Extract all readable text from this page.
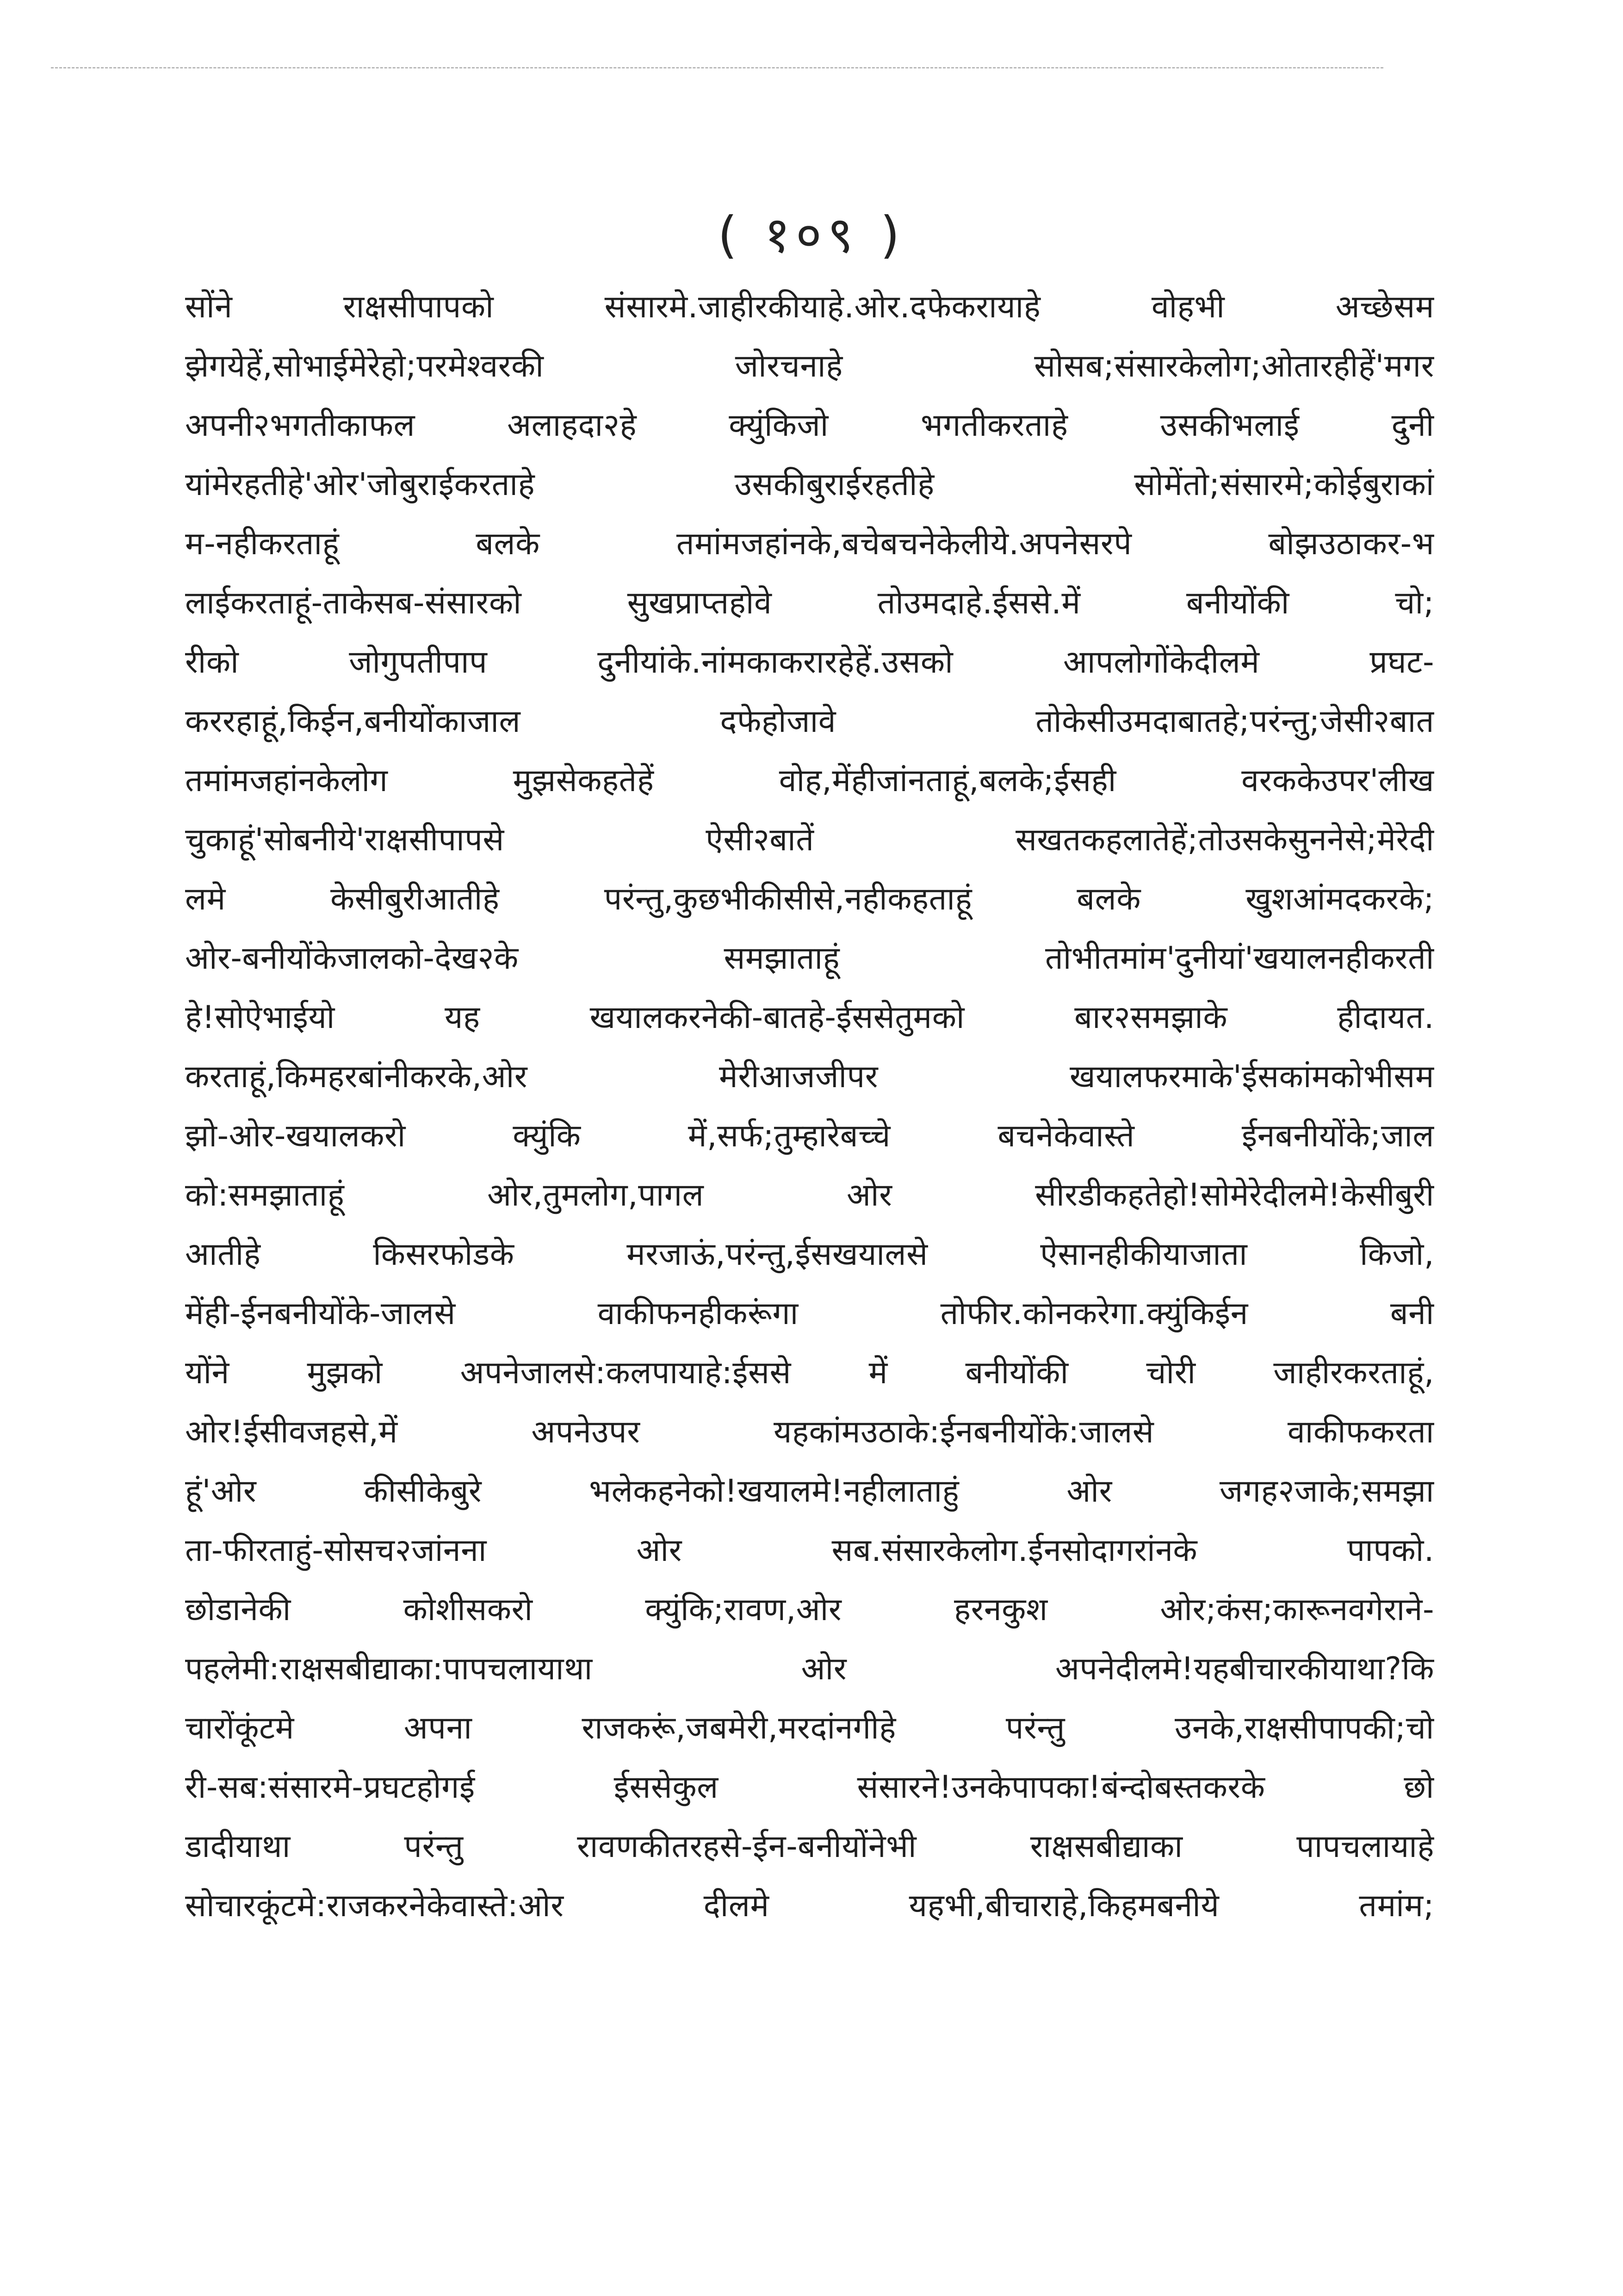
( १०९ )
सोंने राक्षसीपापको संसारमे.जाहीरकीयाहे.ओर.दफेकरायाहे वोहभी अच्छेसम
झेगयेहें,सोभाईमेरेहो;परमेश्वरकी जोरचनाहे सोसब;संसारकेलोग;ओतारहीहें'मगर
अपनी२भगतीकाफल अलाहदा२हे क्युंकिजो भगतीकरताहे उसकीभलाई दुनी
यांमेरहतीहे'ओर'जोबुराईकरताहे उसकीबुराईरहतीहे सोमेंतो;संसारमे;कोईबुराकां
म-नहीकरताहूं बलके तमांमजहांनके,बचेबचनेकेलीये.अपनेसरपे बोझउठाकर-भ
लाईकरताहूं-ताकेसब-संसारको सुखप्राप्तहोवे तोउमदाहे.ईससे.में बनीयोंकी चो;
रीको जोगुपतीपाप दुनीयांके.नांमकाकरारहेहें.उसको आपलोगोंकेदीलमे प्रघट-
कररहाहूं,किईन,बनीयोंकाजाल दफेहोजावे तोकेसीउमदाबातहे;परंन्तु;जेसी२बात
तमांमजहांनकेलोग मुझसेकहतेहें वोह,मेंहीजांनताहूं,बलके;ईसही वरककेउपर'लीख
चुकाहूं'सोबनीये'राक्षसीपापसे ऐसी२बातें सखतकहलातेहें;तोउसकेसुननेसे;मेरेदी
लमे केसीबुरीआतीहे परंन्तु,कुछभीकीसीसे,नहीकहताहूं बलके खुशआंमदकरके;
ओर-बनीयोंकेजालको-देख२के समझाताहूं तोभीतमांम'दुनीयां'खयालनहीकरती
हे!सोऐभाईयो यह खयालकरनेकी-बातहे-ईससेतुमको बार२समझाके हीदायत.
करताहूं,किमहरबांनीकरके,ओर मेरीआजजीपर खयालफरमाके'ईसकांमकोभीसम
झो-ओर-खयालकरो क्युंकि में,सर्फ;तुम्हारेबच्चे बचनेकेवास्ते ईनबनीयोंके;जाल
को:समझाताहूं ओर,तुमलोग,पागल ओर सीरडीकहतेहो!सोमेरेदीलमे!केसीबुरी
आतीहे किसरफोडके मरजाऊं,परंन्तु,ईसखयालसे ऐसानहीकीयाजाता किजो,
मेंही-ईनबनीयोंके-जालसे वाकीफनहीकरूंगा तोफीर.कोनकरेगा.क्युंकिईन बनी
योंने मुझको अपनेजालसे:कलपायाहे:ईससे में बनीयोंकी चोरी जाहीरकरताहूं,
ओर!ईसीवजहसे,में अपनेउपर यहकांमउठाके:ईनबनीयोंके:जालसे वाकीफकरता
हूं'ओर कीसीकेबुरे भलेकहनेको!खयालमे!नहीलाताहुं ओर जगह२जाके;समझा
ता-फीरताहुं-सोसच२जांनना ओर सब.संसारकेलोग.ईनसोदागरांनके पापको.
छोडानेकी कोशीसकरो क्युंकि;रावण,ओर हरनकुश ओर;कंस;कारूनवगेराने-
पहलेमी:राक्षसबीद्याका:पापचलायाथा ओर अपनेदीलमे!यहबीचारकीयाथा?कि
चारोंकूंटमे अपना राजकरूं,जबमेरी,मरदांनगीहे परंन्तु उनके,राक्षसीपापकी;चो
री-सब:संसारमे-प्रघटहोगई ईससेकुल संसारने!उनकेपापका!बंन्दोबस्तकरके छो
डादीयाथा परंन्तु रावणकीतरहसे-ईन-बनीयोंनेभी राक्षसबीद्याका पापचलायाहे
सोचारकूंटमे:राजकरनेकेवास्ते:ओर दीलमे यहभी,बीचाराहे,किहमबनीये तमांम;
